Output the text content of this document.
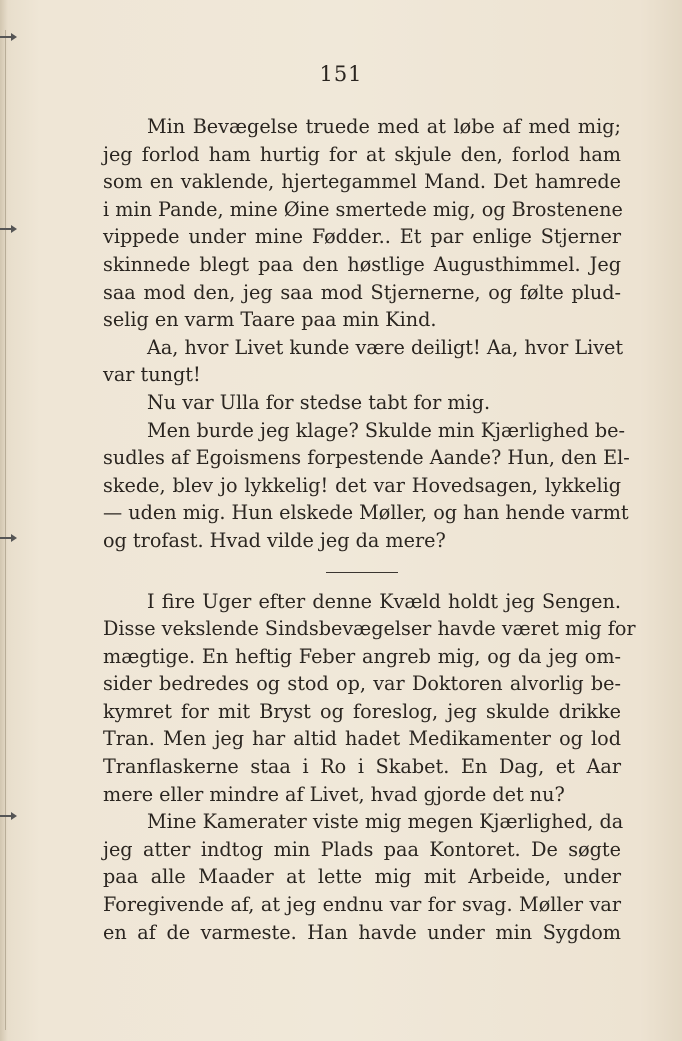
151
Min Bevægelse truede med at løbe af med mig;
jeg forlod ham hurtig for at skjule den, forlod ham
som en vaklende, hjertegammel Mand. Det hamrede
i min Pande, mine Øine smertede mig, og Brostenene
vippede under mine Fødder.. Et par enlige Stjerner
skinnede blegt paa den høstlige Augusthimmel. Jeg
saa mod den, jeg saa mod Stjernerne, og følte plud-
selig en varm Taare paa min Kind.
Aa, hvor Livet kunde være deiligt! Aa, hvor Livet
var tungt!
Nu var Ulla for stedse tabt for mig.
Men burde jeg klage? Skulde min Kjærlighed be-
sudles af Egoismens forpestende Aande? Hun, den El-
skede, blev jo lykkelig! det var Hovedsagen, lykkelig
— uden mig. Hun elskede Møller, og han hende varmt
og trofast. Hvad vilde jeg da mere?
I fire Uger efter denne Kvæld holdt jeg Sengen.
Disse vekslende Sindsbevægelser havde været mig for
mægtige. En heftig Feber angreb mig, og da jeg om-
sider bedredes og stod op, var Doktoren alvorlig be-
kymret for mit Bryst og foreslog, jeg skulde drikke
Tran. Men jeg har altid hadet Medikamenter og lod
Tranflaskerne staa i Ro i Skabet. En Dag, et Aar
mere eller mindre af Livet, hvad gjorde det nu?
Mine Kamerater viste mig megen Kjærlighed, da
jeg atter indtog min Plads paa Kontoret. De søgte
paa alle Maader at lette mig mit Arbeide, under
Foregivende af, at jeg endnu var for svag. Møller var
en af de varmeste. Han havde under min Sygdom
